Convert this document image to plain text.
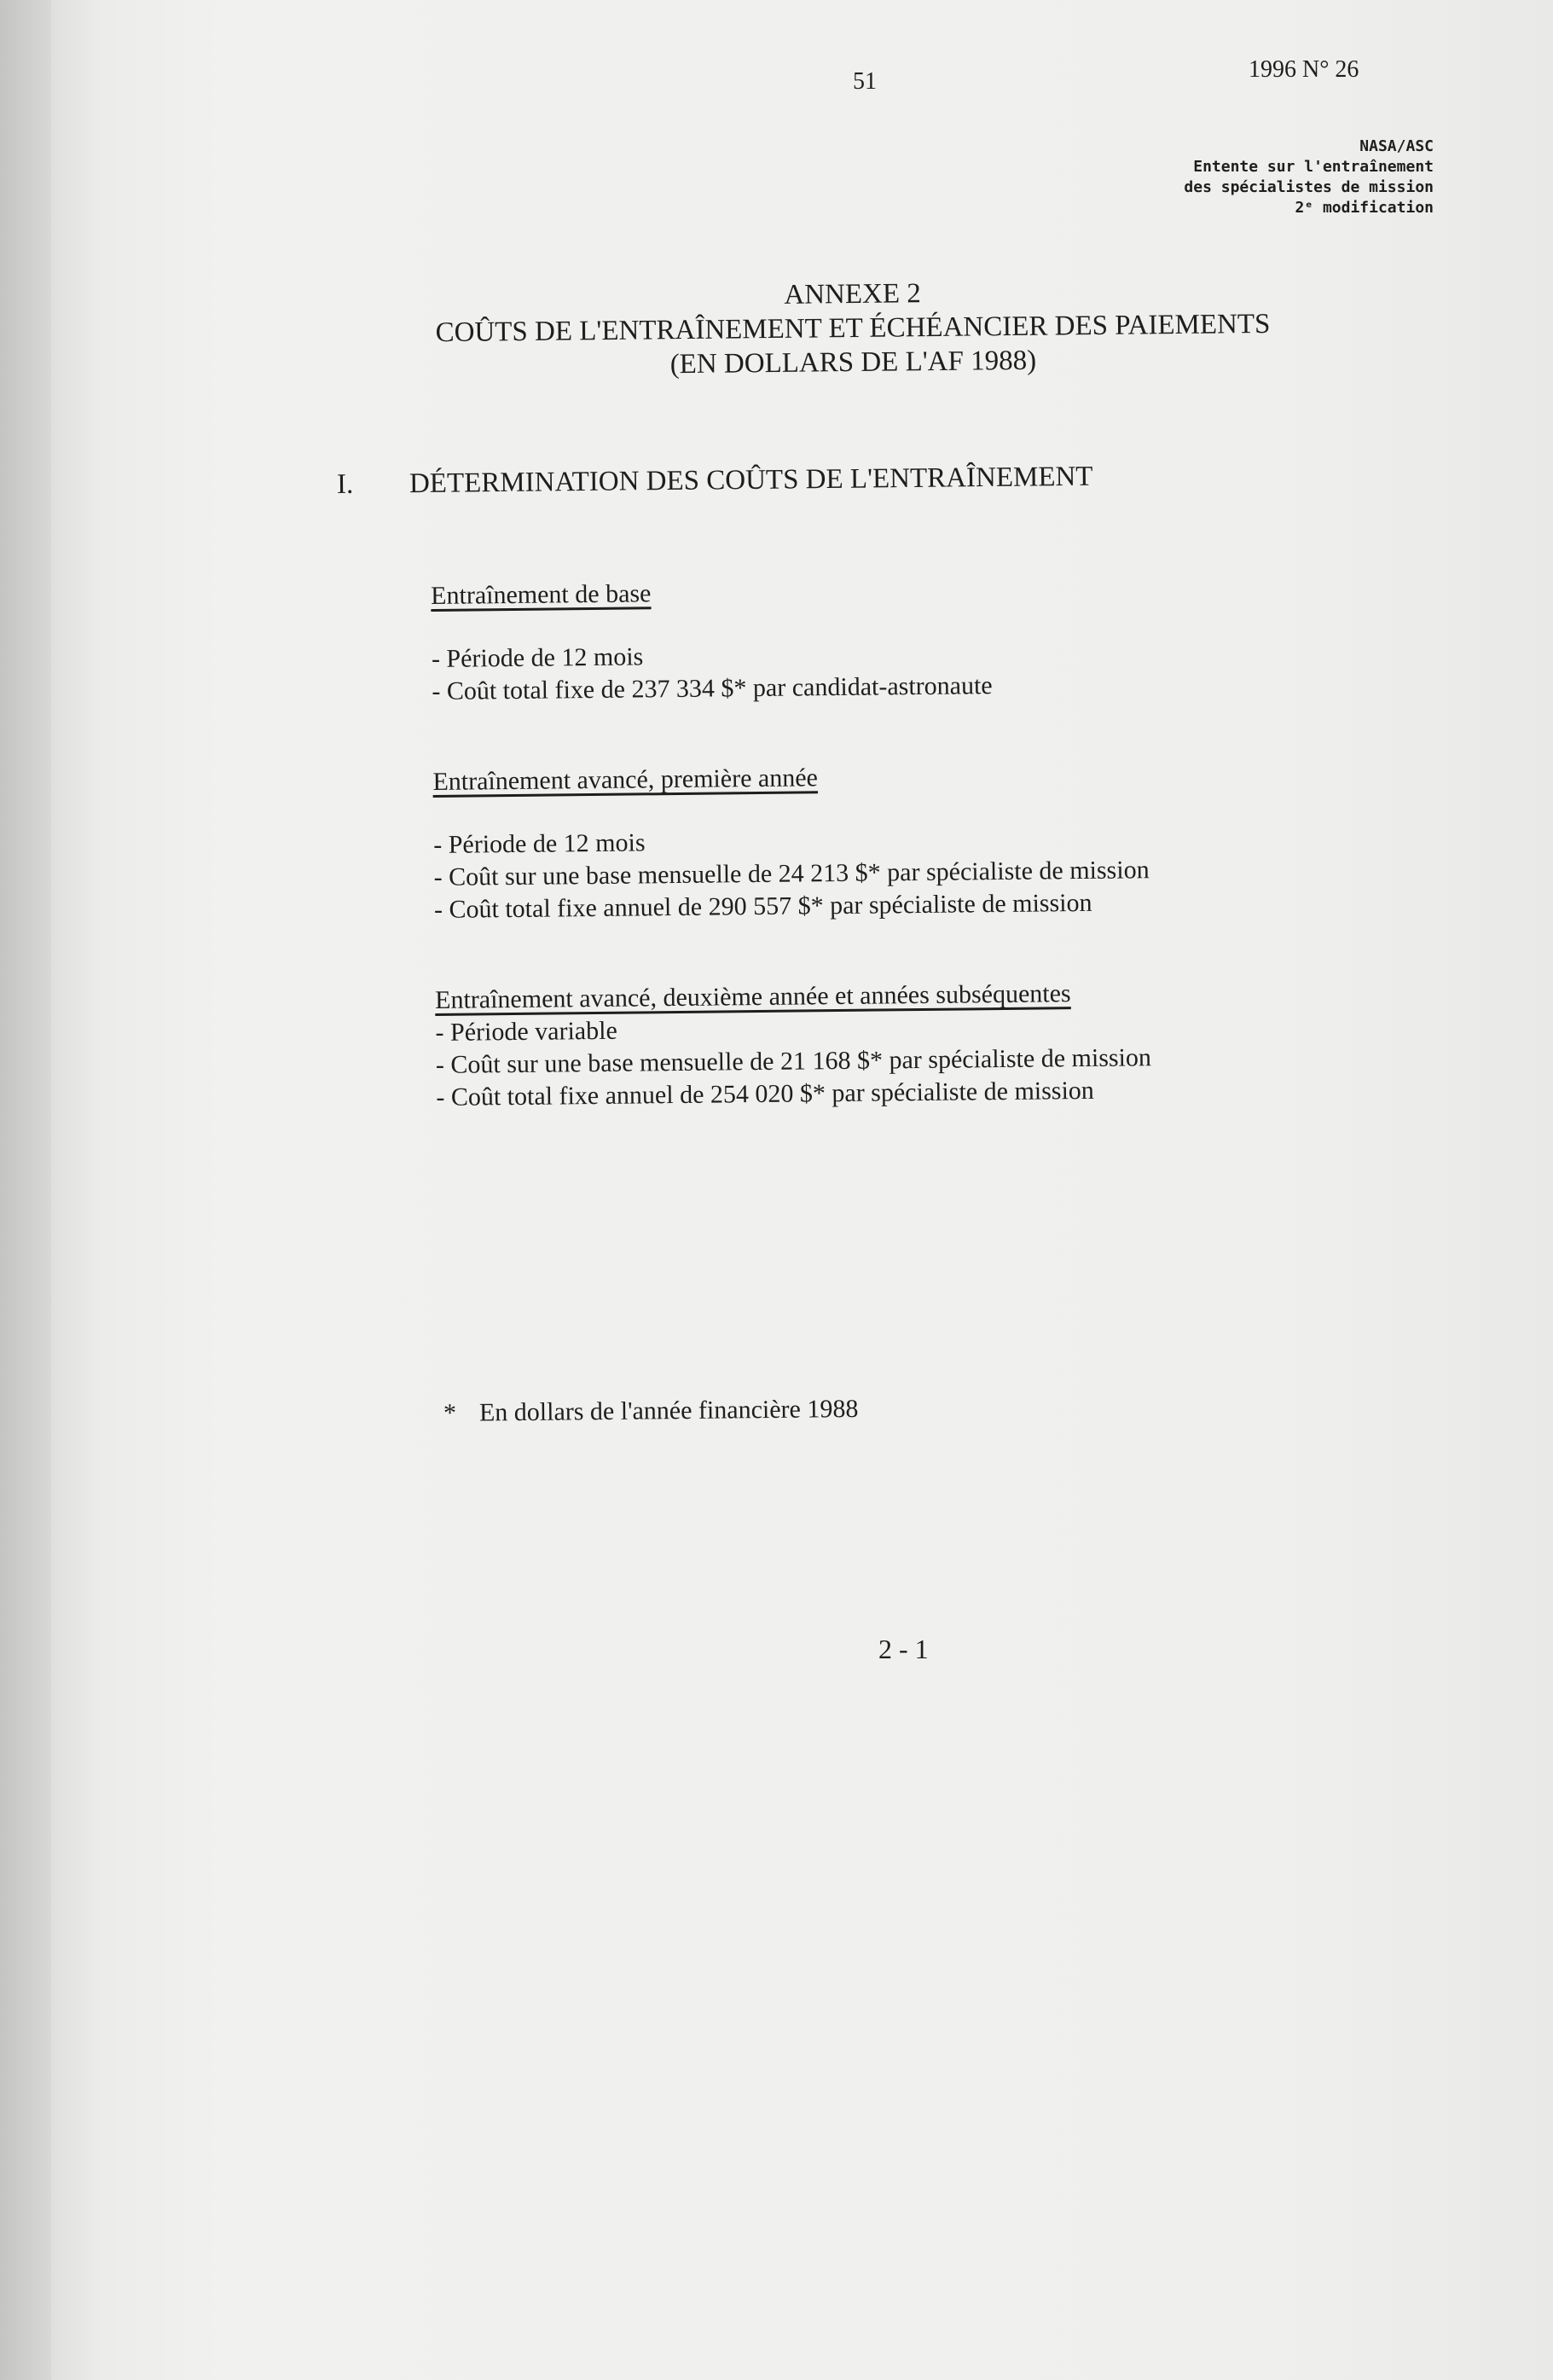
51	1996 N° 26
NASA/ASC
Entente sur l'entraînement
des spécialistes de mission
2ᵉ modification
ANNEXE 2
COÛTS DE L'ENTRAÎNEMENT ET ÉCHÉANCIER DES PAIEMENTS
(EN DOLLARS DE L'AF 1988)
I. DÉTERMINATION DES COÛTS DE L'ENTRAÎNEMENT
Entraînement de base
- Période de 12 mois
- Coût total fixe de 237 334 $* par candidat-astronaute
Entraînement avancé, première année
- Période de 12 mois
- Coût sur une base mensuelle de 24 213 $* par spécialiste de mission
- Coût total fixe annuel de 290 557 $* par spécialiste de mission
Entraînement avancé, deuxième année et années subséquentes
- Période variable
- Coût sur une base mensuelle de 21 168 $* par spécialiste de mission
- Coût total fixe annuel de 254 020 $* par spécialiste de mission
* En dollars de l'année financière 1988
2 - 1
